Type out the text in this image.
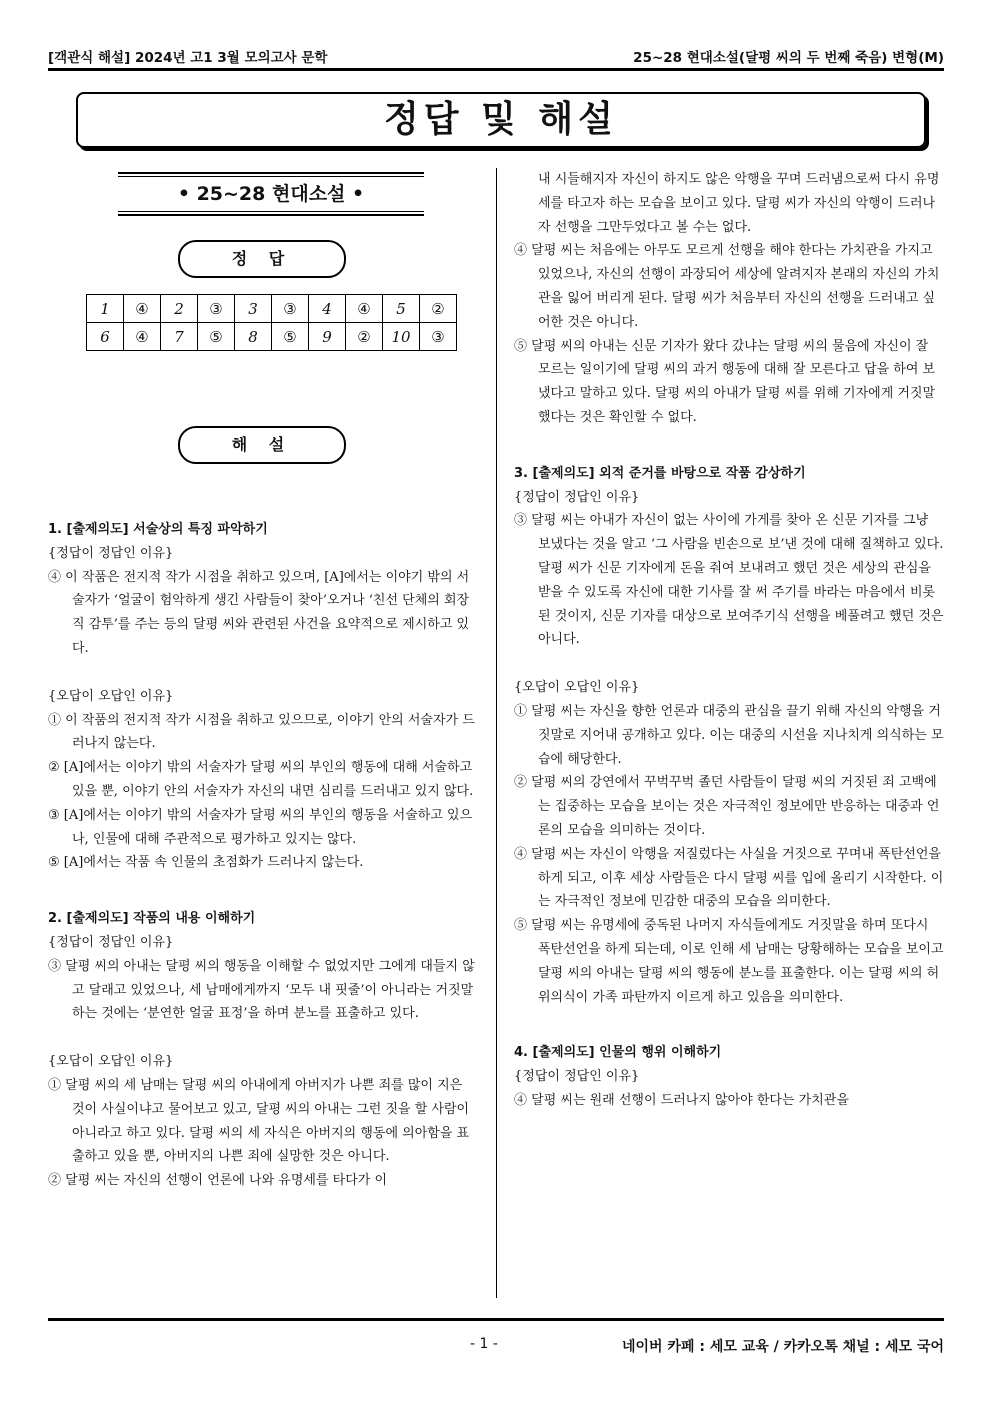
[객관식 해설] 2024년 고1 3월 모의고사 문학	25~28 현대소설(달평 씨의 두 번째 죽음) 변형(M)
정답 및 해설
• 25~28 현대소설 •
정 답
1	④	2	③	3	③	4	④	5	②
6	④	7	⑤	8	⑤	9	②	10	③
해 설

1. [출제의도] 서술상의 특징 파악하기

{정답이 정답인 이유}

④ 이 작품은 전지적 작가 시점을 취하고 있으며, [A]에서는 이야기 밖의 서술자가 ‘얼굴이 험악하게 생긴 사람들이 찾아’오거나 ‘친선 단체의 회장직 감투’를 주는 등의 달평 씨와 관련된 사건을 요약적으로 제시하고 있다.

{오답이 오답인 이유}

① 이 작품의 전지적 작가 시점을 취하고 있으므로, 이야기 안의 서술자가 드러나지 않는다.

② [A]에서는 이야기 밖의 서술자가 달평 씨의 부인의 행동에 대해 서술하고 있을 뿐, 이야기 안의 서술자가 자신의 내면 심리를 드러내고 있지 않다.

③ [A]에서는 이야기 밖의 서술자가 달평 씨의 부인의 행동을 서술하고 있으나, 인물에 대해 주관적으로 평가하고 있지는 않다.

⑤ [A]에서는 작품 속 인물의 초점화가 드러나지 않는다.

2. [출제의도] 작품의 내용 이해하기

{정답이 정답인 이유}

③ 달평 씨의 아내는 달평 씨의 행동을 이해할 수 없었지만 그에게 대들지 않고 달래고 있었으나, 세 남매에게까지 ‘모두 내 핏줄’이 아니라는 거짓말하는 것에는 ‘분연한 얼굴 표정’을 하며 분노를 표출하고 있다.

{오답이 오답인 이유}

① 달평 씨의 세 남매는 달평 씨의 아내에게 아버지가 나쁜 죄를 많이 지은 것이 사실이냐고 물어보고 있고, 달평 씨의 아내는 그런 짓을 할 사람이 아니라고 하고 있다. 달평 씨의 세 자식은 아버지의 행동에 의아함을 표출하고 있을 뿐, 아버지의 나쁜 죄에 실망한 것은 아니다.

② 달평 씨는 자신의 선행이 언론에 나와 유명세를 타다가 이

내 시들해지자 자신이 하지도 않은 악행을 꾸며 드러냄으로써 다시 유명세를 타고자 하는 모습을 보이고 있다. 달평 씨가 자신의 악행이 드러나자 선행을 그만두었다고 볼 수는 없다.

④ 달평 씨는 처음에는 아무도 모르게 선행을 해야 한다는 가치관을 가지고 있었으나, 자신의 선행이 과장되어 세상에 알려지자 본래의 자신의 가치관을 잃어 버리게 된다. 달평 씨가 처음부터 자신의 선행을 드러내고 싶어한 것은 아니다.

⑤ 달평 씨의 아내는 신문 기자가 왔다 갔냐는 달평 씨의 물음에 자신이 잘 모르는 일이기에 달평 씨의 과거 행동에 대해 잘 모른다고 답을 하여 보냈다고 말하고 있다. 달평 씨의 아내가 달평 씨를 위해 기자에게 거짓말했다는 것은 확인할 수 없다.

3. [출제의도] 외적 준거를 바탕으로 작품 감상하기

{정답이 정답인 이유}

③ 달평 씨는 아내가 자신이 없는 사이에 가게를 찾아 온 신문 기자를 그냥 보냈다는 것을 알고 ‘그 사람을 빈손으로 보’낸 것에 대해 질책하고 있다. 달평 씨가 신문 기자에게 돈을 줘여 보내려고 했던 것은 세상의 관심을 받을 수 있도록 자신에 대한 기사를 잘 써 주기를 바라는 마음에서 비롯된 것이지, 신문 기자를 대상으로 보여주기식 선행을 베풀려고 했던 것은 아니다.

{오답이 오답인 이유}

① 달평 씨는 자신을 향한 언론과 대중의 관심을 끌기 위해 자신의 악행을 거짓말로 지어내 공개하고 있다. 이는 대중의 시선을 지나치게 의식하는 모습에 해당한다.

② 달평 씨의 강연에서 꾸벅꾸벅 졸던 사람들이 달평 씨의 거짓된 죄 고백에는 집중하는 모습을 보이는 것은 자극적인 정보에만 반응하는 대중과 언론의 모습을 의미하는 것이다.

④ 달평 씨는 자신이 악행을 저질렀다는 사실을 거짓으로 꾸며내 폭탄선언을 하게 되고, 이후 세상 사람들은 다시 달평 씨를 입에 올리기 시작한다. 이는 자극적인 정보에 민감한 대중의 모습을 의미한다.

⑤ 달평 씨는 유명세에 중독된 나머지 자식들에게도 거짓말을 하며 또다시 폭탄선언을 하게 되는데, 이로 인해 세 남매는 당황해하는 모습을 보이고 달평 씨의 아내는 달평 씨의 행동에 분노를 표출한다. 이는 달평 씨의 허위의식이 가족 파탄까지 이르게 하고 있음을 의미한다.

4. [출제의도] 인물의 행위 이해하기

{정답이 정답인 이유}

④ 달평 씨는 원래 선행이 드러나지 않아야 한다는 가치관을

- 1 -	네이버 카페 : 세모 교육 / 카카오톡 채널 : 세모 국어
